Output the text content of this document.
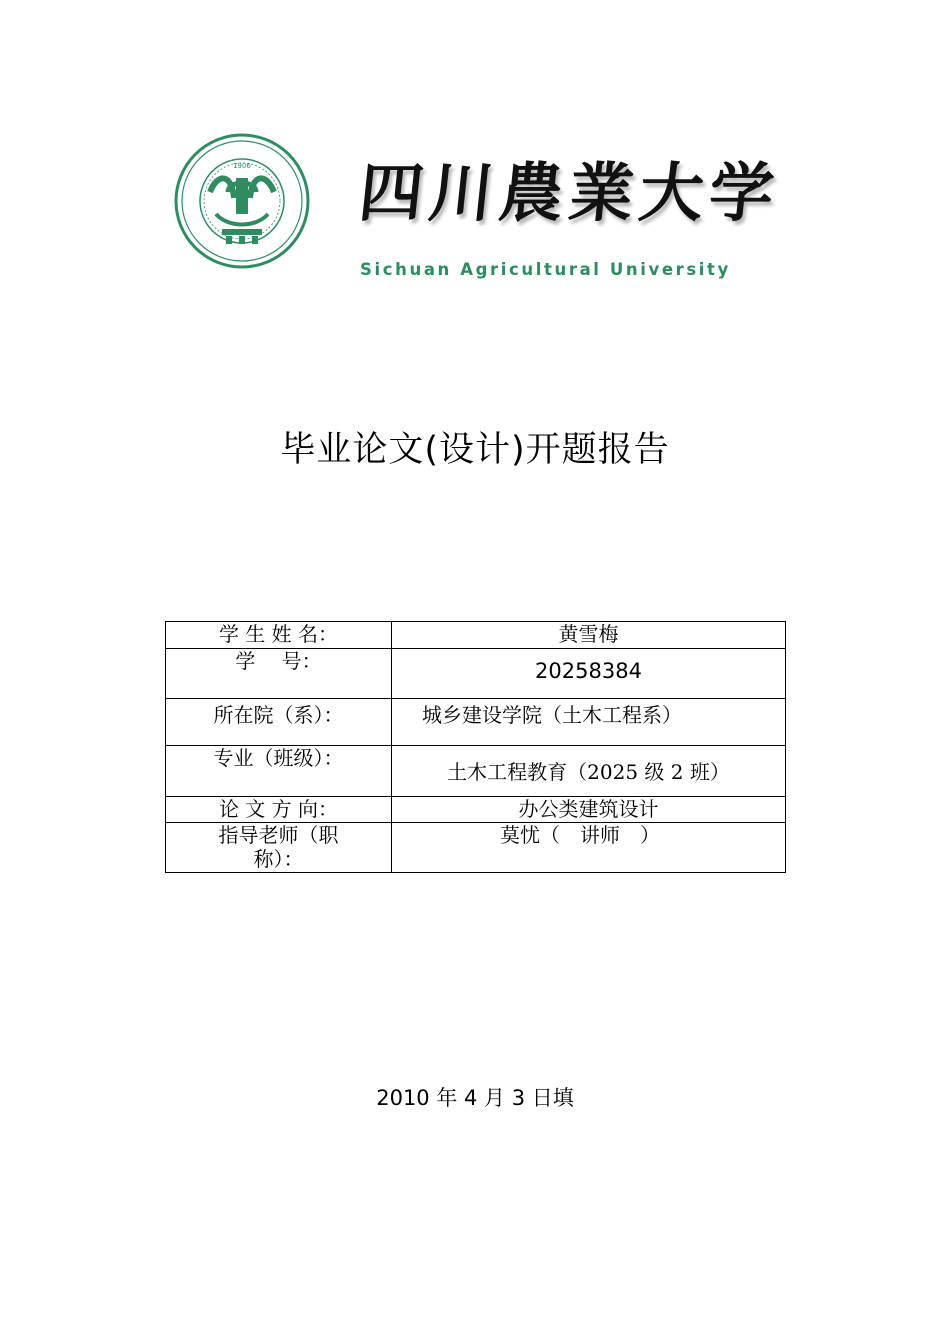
1906 四川農業大学
Sichuan Agricultural University
毕业论文(设计)开题报告
学 生 姓 名：	黄雪梅
学　 号：	20258384
所在院（系）：	城乡建设学院（土木工程系）
专业（班级）：	土木工程教育（2025 级 2 班）
论 文 方 向：	办公类建筑设计
指导老师（职称）：	莫忧（　讲师　）
2010 年 4 月 3 日填
